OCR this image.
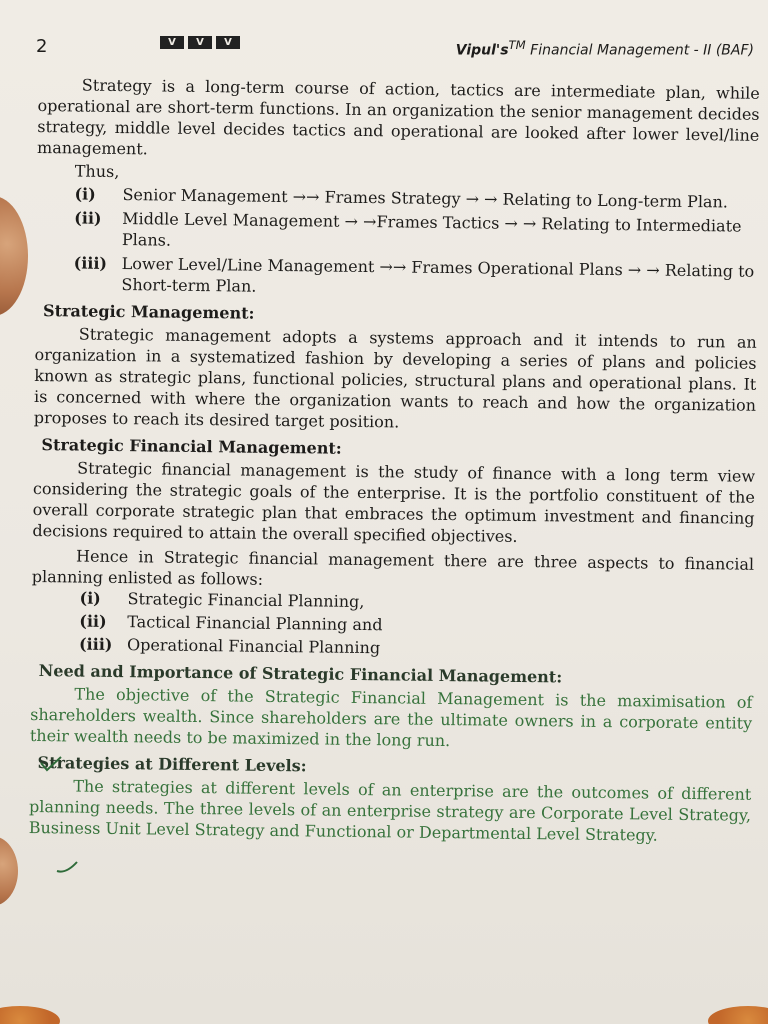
2	V	V	V
Vipul's™ Financial Management - II (BAF)

Strategy is a long-term course of action, tactics are intermediate plan, while operational are short-term functions. In an organization the senior management decides strategy, middle level decides tactics and operational are looked after lower level/line management.

Thus,

(i)	Senior Management →→ Frames Strategy → → Relating to Long-term Plan.
(ii)	Middle Level Management → →Frames Tactics → → Relating to Intermediate Plans.
(iii) Lower Level/Line Management →→ Frames Operational Plans → → Relating to Short-term Plan.
Strategic Management:

Strategic management adopts a systems approach and it intends to run an organization in a systematized fashion by developing a series of plans and policies known as strategic plans, functional policies, structural plans and operational plans. It is concerned with where the organization wants to reach and how the organization proposes to reach its desired target position.

Strategic Financial Management:

Strategic financial management is the study of finance with a long term view considering the strategic goals of the enterprise. It is the portfolio constituent of the overall corporate strategic plan that embraces the optimum investment and financing decisions required to attain the overall specified objectives.

Hence in Strategic financial management there are three aspects to financial planning enlisted as follows:

(i)	Strategic Financial Planning,
(ii)	Tactical Financial Planning and
(iii) Operational Financial Planning
Need and Importance of Strategic Financial Management:

The objective of the Strategic Financial Management is the maximisation of shareholders wealth. Since shareholders are the ultimate owners in a corporate entity their wealth needs to be maximized in the long run.

Strategies at Different Levels:

The strategies at different levels of an enterprise are the outcomes of different planning needs. The three levels of an enterprise strategy are Corporate Level Strategy, Business Unit Level Strategy and Functional or Departmental Level Strategy.
